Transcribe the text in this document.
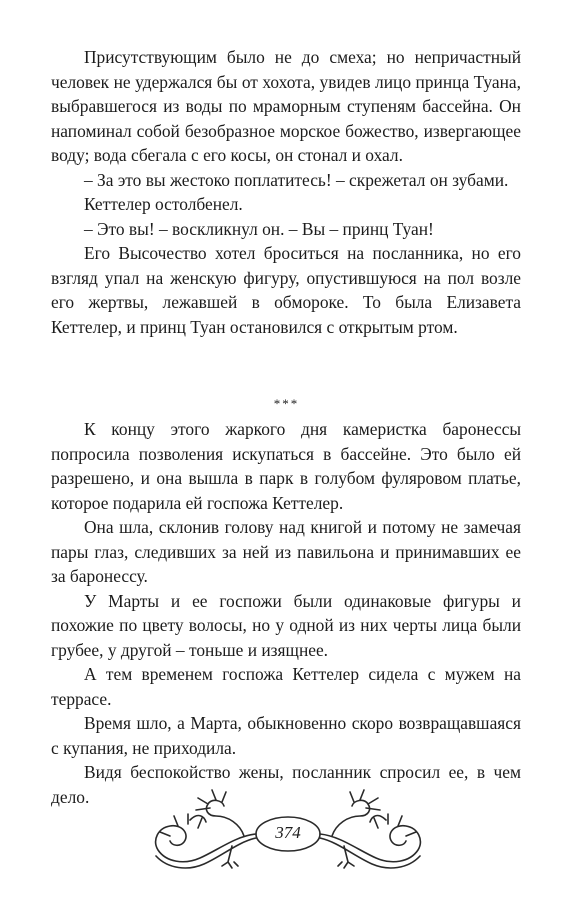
Присутствующим было не до смеха; но непричастный человек не удержался бы от хохота, увидев лицо принца Туана, выбравшегося из воды по мраморным ступеням бассейна. Он напоминал собой безобразное морское божество, извергающее воду; вода сбегала с его косы, он стонал и охал.

– За это вы жестоко поплатитесь! – скрежетал он зубами.

Кеттелер остолбенел.

– Это вы! – воскликнул он. – Вы – принц Туан!

Его Высочество хотел броситься на посланника, но его взгляд упал на женскую фигуру, опустившуюся на пол возле его жертвы, лежавшей в обмороке. То была Елизавета Кеттелер, и принц Туан остановился с открытым ртом.

***

К концу этого жаркого дня камеристка баронессы попросила позволения искупаться в бассейне. Это было ей разрешено, и она вышла в парк в голубом фуляровом платье, которое подарила ей госпожа Кеттелер.

Она шла, склонив голову над книгой и потому не замечая пары глаз, следивших за ней из павильона и принимавших ее за баронессу.

У Марты и ее госпожи были одинаковые фигуры и похожие по цвету волосы, но у одной из них черты лица были грубее, у другой – тоньше и изящнее.

А тем временем госпожа Кеттелер сидела с мужем на террасе.

Время шло, а Марта, обыкновенно скоро возвращавшаяся с купания, не приходила.

Видя беспокойство жены, посланник спросил ее, в чем дело.

374
